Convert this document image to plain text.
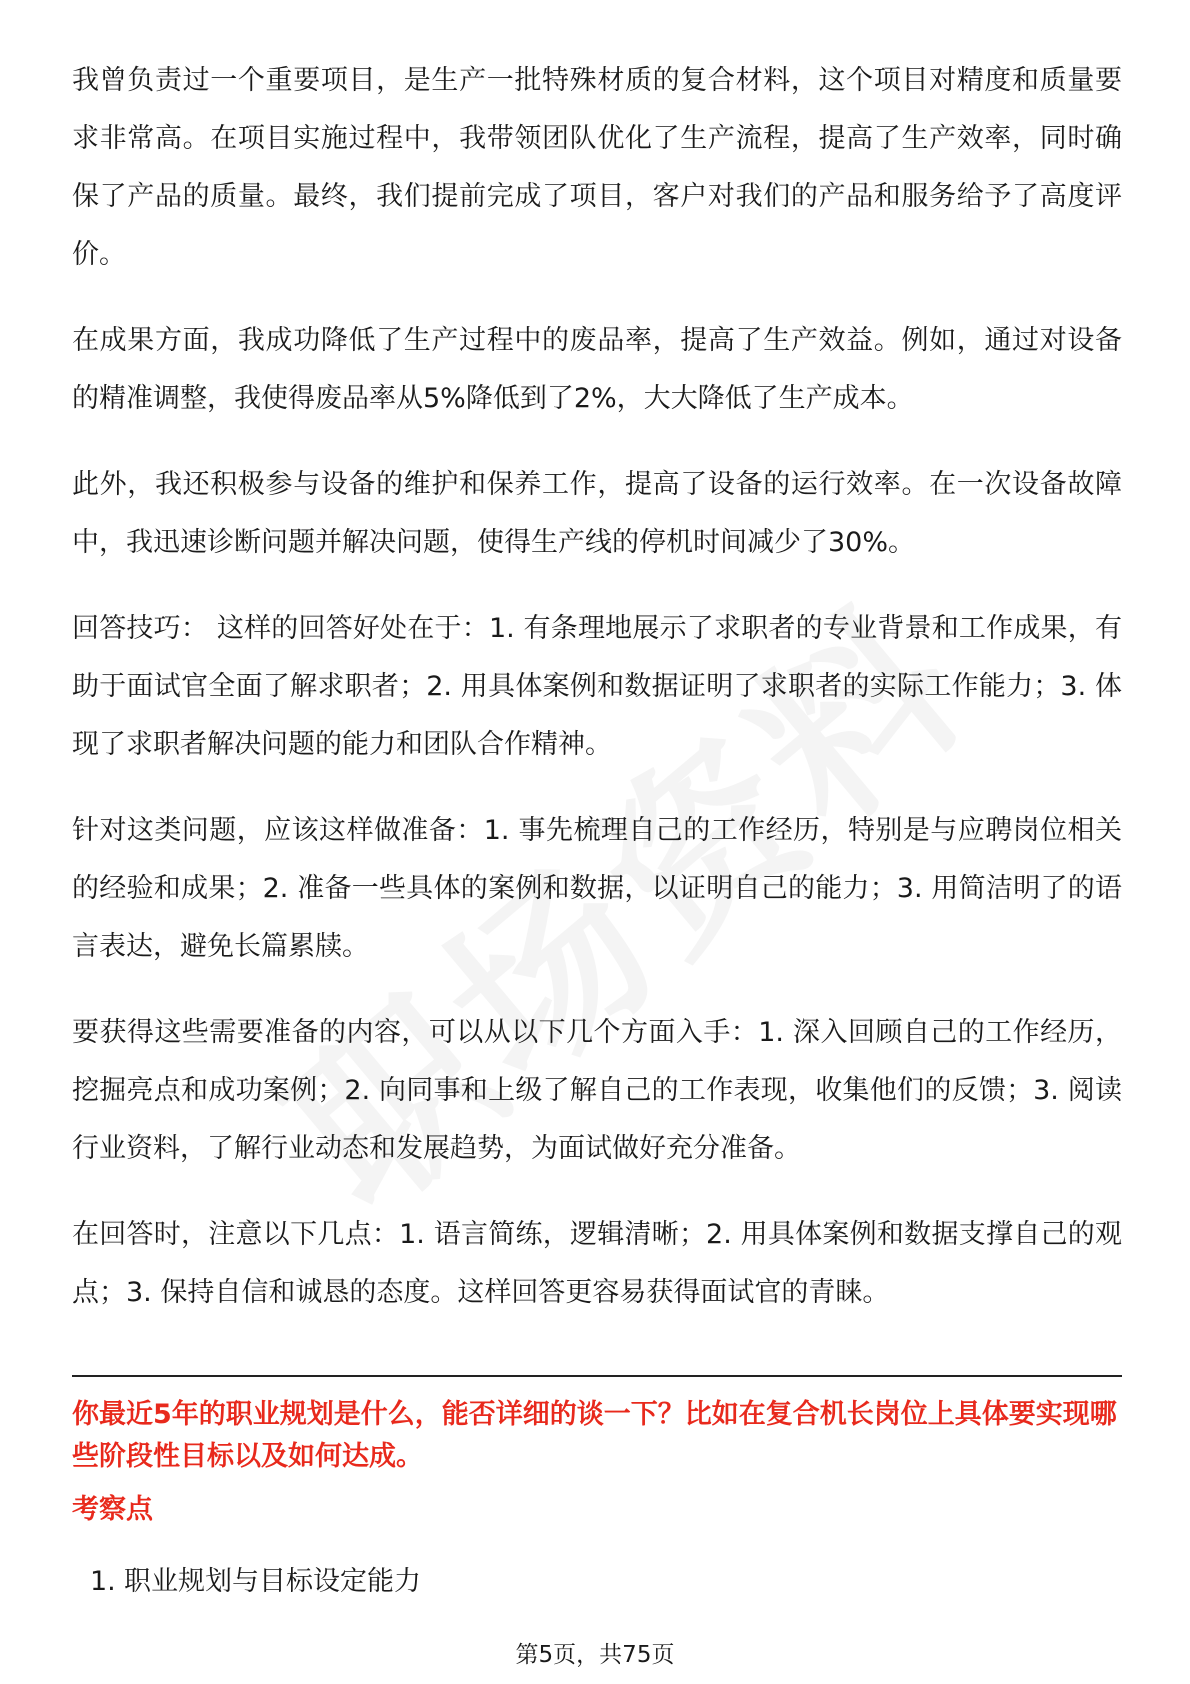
我曾负责过一个重要项目，是生产一批特殊材质的复合材料，这个项目对精度和质量要求非常高。在项目实施过程中，我带领团队优化了生产流程，提高了生产效率，同时确保了产品的质量。最终，我们提前完成了项目，客户对我们的产品和服务给予了高度评价。

在成果方面，我成功降低了生产过程中的废品率，提高了生产效益。例如，通过对设备的精准调整，我使得废品率从5%降低到了2%，大大降低了生产成本。

此外，我还积极参与设备的维护和保养工作，提高了设备的运行效率。在一次设备故障中，我迅速诊断问题并解决问题，使得生产线的停机时间减少了30%。

回答技巧： 这样的回答好处在于：1. 有条理地展示了求职者的专业背景和工作成果，有助于面试官全面了解求职者；2. 用具体案例和数据证明了求职者的实际工作能力；3. 体现了求职者解决问题的能力和团队合作精神。

针对这类问题，应该这样做准备：1. 事先梳理自己的工作经历，特别是与应聘岗位相关的经验和成果；2. 准备一些具体的案例和数据，以证明自己的能力；3. 用简洁明了的语言表达，避免长篇累牍。

要获得这些需要准备的内容，可以从以下几个方面入手：1. 深入回顾自己的工作经历，挖掘亮点和成功案例；2. 向同事和上级了解自己的工作表现，收集他们的反馈；3. 阅读行业资料，了解行业动态和发展趋势，为面试做好充分准备。

在回答时，注意以下几点：1. 语言简练，逻辑清晰；2. 用具体案例和数据支撑自己的观点；3. 保持自信和诚恳的态度。这样回答更容易获得面试官的青睐。

你最近5年的职业规划是什么，能否详细的谈一下？比如在复合机长岗位上具体要实现哪些阶段性目标以及如何达成。

考察点

1. 职业规划与目标设定能力

第5页，共75页
